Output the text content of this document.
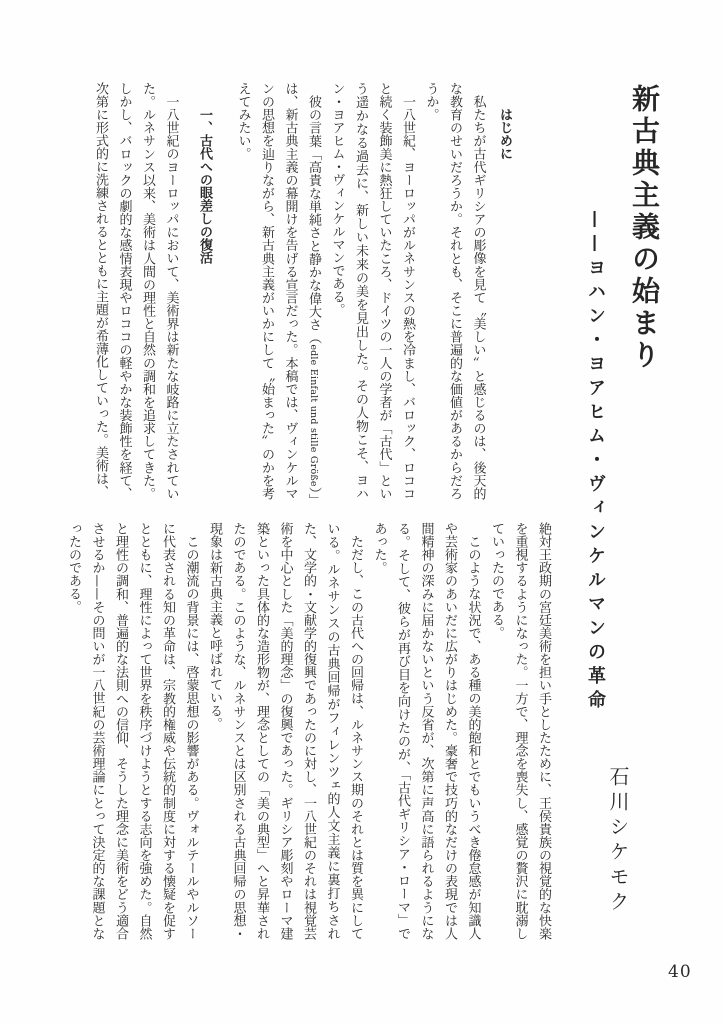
新古典主義の始まり
——ヨハン・ヨアヒム・ヴィンケルマンの革命
石川シケモク
はじめに

私たちが古代ギリシアの彫像を見て〝美しい〟と感じるのは、後天的な教育のせいだろうか。それとも、そこに普遍的な価値があるからだろうか。

一八世紀、ヨーロッパがルネサンスの熱を冷まし、バロック、ロココと続く装飾美に熱狂していたころ、ドイツの一人の学者が「古代」という遥かなる過去に、新しい未来の美を見出した。その人物こそ、ヨハン・ヨアヒム・ヴィンケルマンである。

彼の言葉「高貴な単純さと静かな偉大さ（edle Einfalt und stille Größe）」は、新古典主義の幕開けを告げる宣言だった。本稿では、ヴィンケルマンの思想を辿りながら、新古典主義がいかにして〝始まった〟のかを考えてみたい。

一、古代への眼差しの復活

一八世紀のヨーロッパにおいて、美術界は新たな岐路に立たされていた。ルネサンス以来、美術は人間の理性と自然の調和を追求してきた。しかし、バロックの劇的な感情表現やロココの軽やかな装飾性を経て、次第に形式的に洗練されるとともに主題が希薄化していった。美術は、

絶対王政期の宮廷美術を担い手としたために、王侯貴族の視覚的な快楽を重視するようになった。一方で、理念を喪失し、感覚の贅沢に耽溺していったのである。

このような状況で、ある種の美的飽和とでもいうべき倦怠感が知識人や芸術家のあいだに広がりはじめた。豪奢で技巧的なだけの表現では人間精神の深みに届かないという反省が、次第に声高に語られるようになる。そして、彼らが再び目を向けたのが、「古代ギリシア・ローマ」であった。

ただし、この古代への回帰は、ルネサンス期のそれとは質を異にしている。ルネサンスの古典回帰がフィレンツェ的人文主義に裏打ちされた、文学的・文献学的復興であったのに対し、一八世紀のそれは視覚芸術を中心とした「美的理念」の復興であった。ギリシア彫刻やローマ建築といった具体的な造形物が、理念としての「美の典型」へと昇華されたのである。このような、ルネサンスとは区別される古典回帰の思想・現象は新古典主義と呼ばれている。

この潮流の背景には、啓蒙思想の影響がある。ヴォルテールやルソーに代表される知の革命は、宗教的権威や伝統的制度に対する懐疑を促すとともに、理性によって世界を秩序づけようとする志向を強めた。自然と理性の調和、普遍的な法則への信仰、そうした理念に美術をどう適合させるか——その問いが一八世紀の芸術理論にとって決定的な課題となったのである。

40
